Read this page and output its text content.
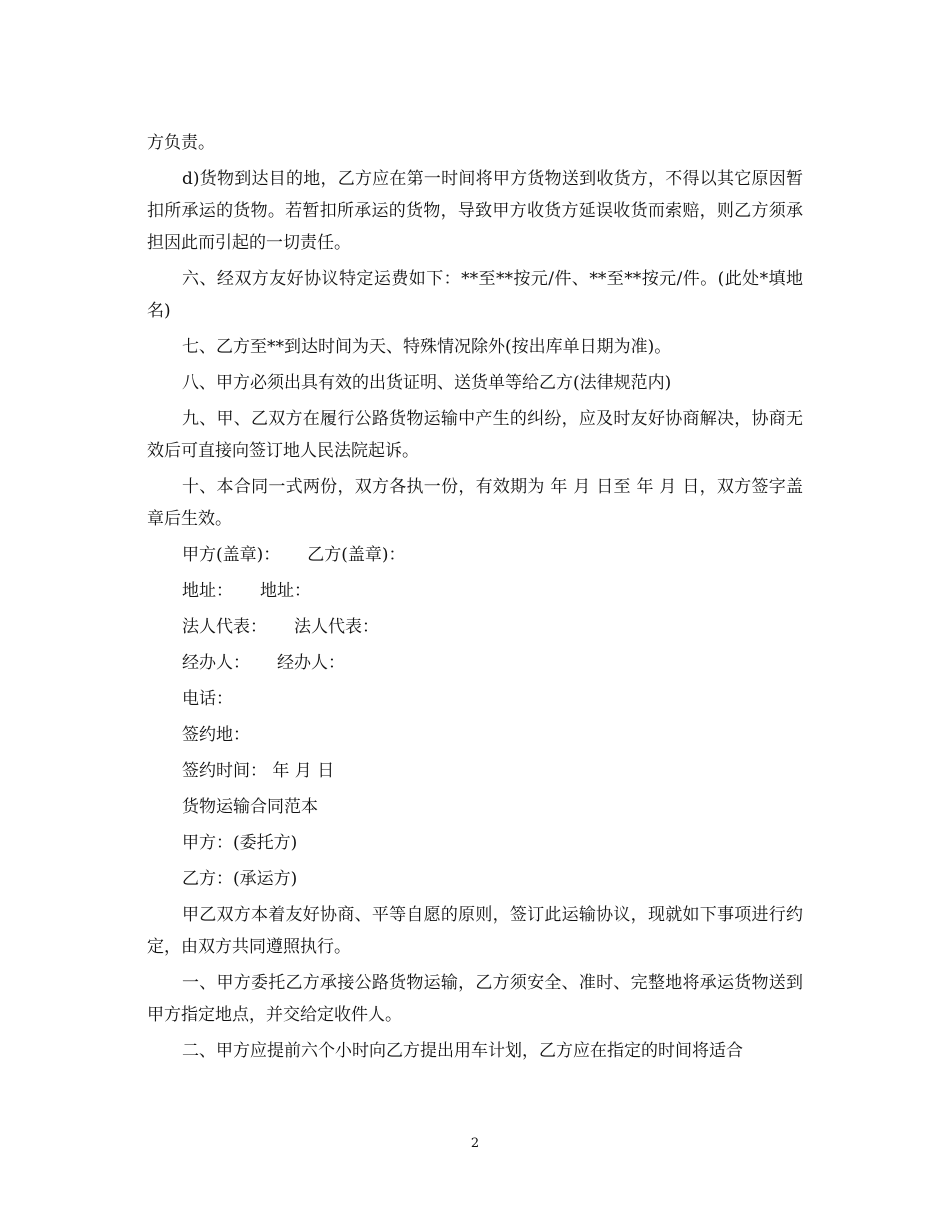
方负责。

d)货物到达目的地，乙方应在第一时间将甲方货物送到收货方，不得以其它原因暂扣所承运的货物。若暂扣所承运的货物，导致甲方收货方延误收货而索赔，则乙方须承担因此而引起的一切责任。

六、经双方友好协议特定运费如下：**至**按元/件、**至**按元/件。(此处*填地名)

七、乙方至**到达时间为天、特殊情况除外(按出库单日期为准)。

八、甲方必须出具有效的出货证明、送货单等给乙方(法律规范内)

九、甲、乙双方在履行公路货物运输中产生的纠纷，应及时友好协商解决，协商无效后可直接向签订地人民法院起诉。

十、本合同一式两份，双方各执一份，有效期为 年 月 日至 年 月 日，双方签字盖章后生效。

甲方(盖章)：     乙方(盖章)：

地址：     地址：

法人代表：     法人代表：

经办人：     经办人：

电话：

签约地：

签约时间： 年 月 日

货物运输合同范本

甲方：(委托方)

乙方：(承运方)

甲乙双方本着友好协商、平等自愿的原则，签订此运输协议，现就如下事项进行约定，由双方共同遵照执行。

一、甲方委托乙方承接公路货物运输，乙方须安全、准时、完整地将承运货物送到甲方指定地点，并交给定收件人。

二、甲方应提前六个小时向乙方提出用车计划，乙方应在指定的时间将适合

2
